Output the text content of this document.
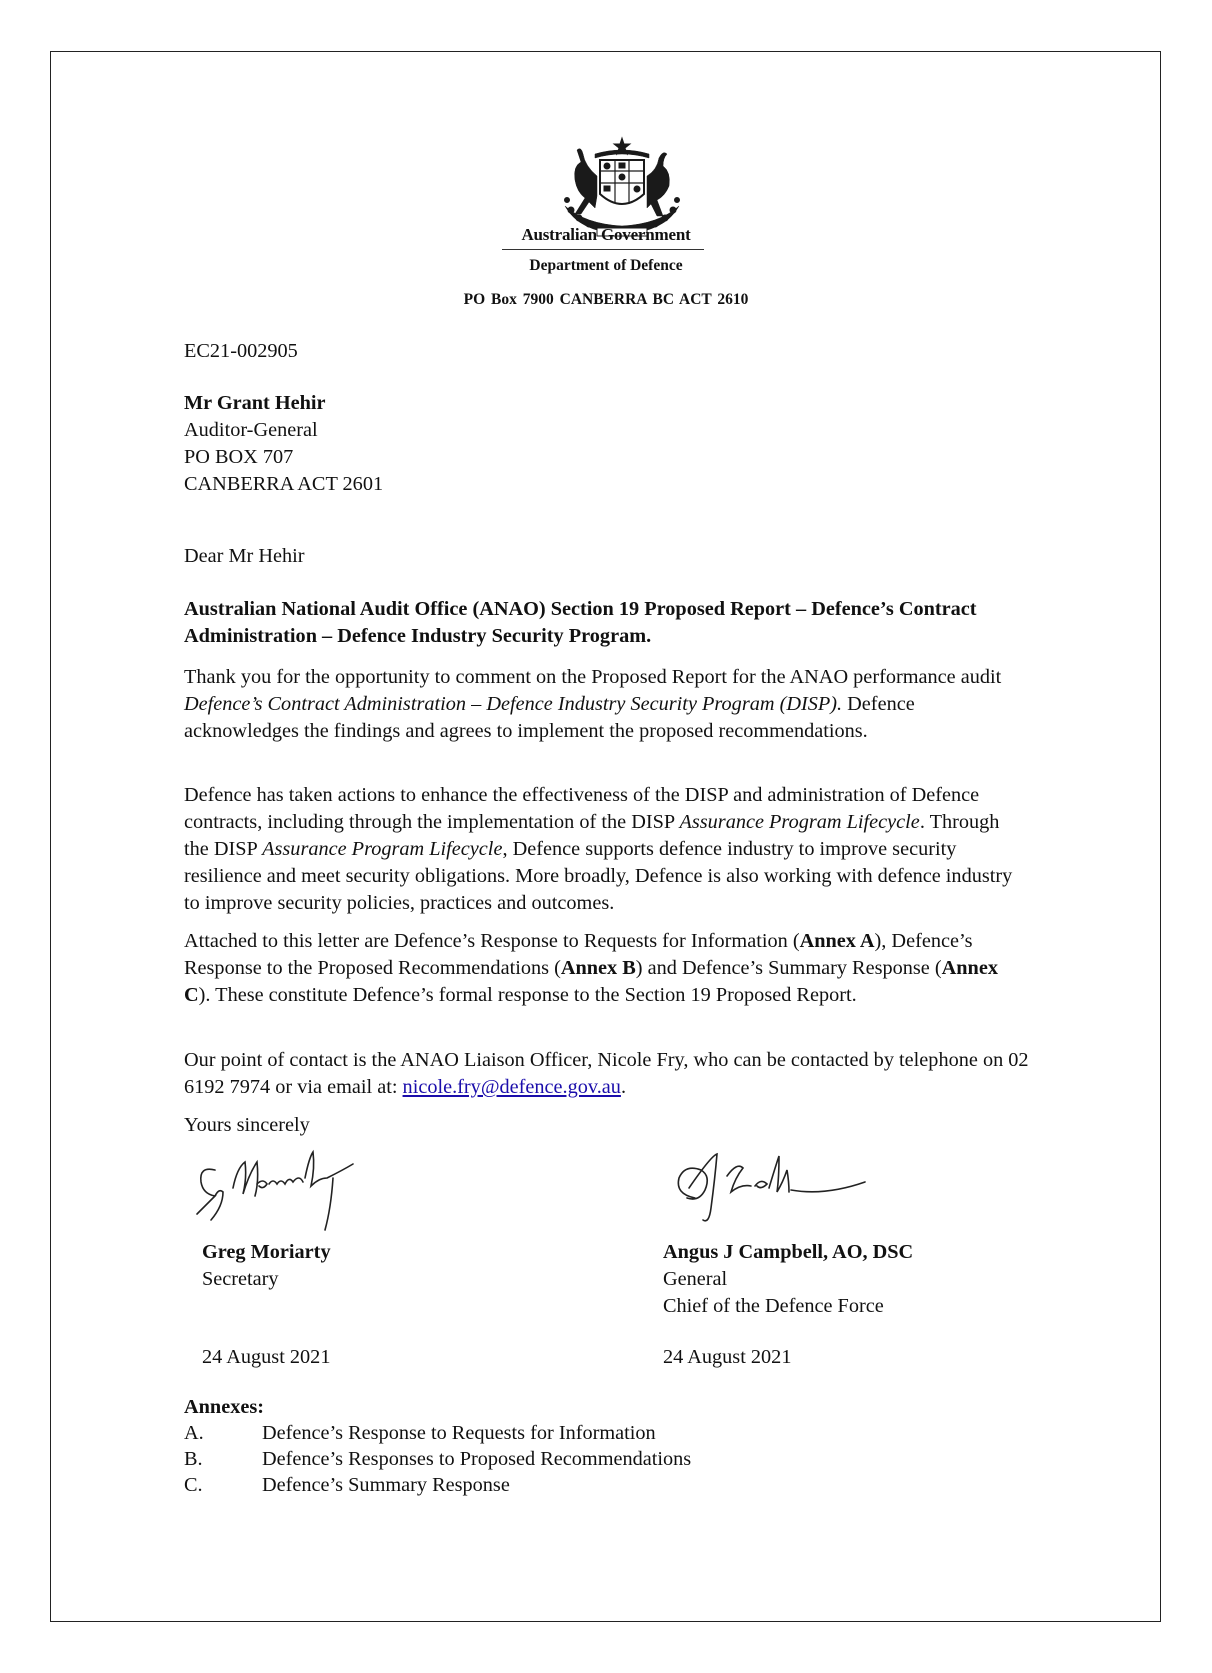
Australian Government
Department of Defence
PO Box 7900 CANBERRA BC ACT 2610
EC21-002905
Mr Grant Hehir
Auditor-General
PO BOX 707
CANBERRA ACT 2601
Dear Mr Hehir
Australian National Audit Office (ANAO) Section 19 Proposed Report – Defence’s Contract Administration – Defence Industry Security Program.
Thank you for the opportunity to comment on the Proposed Report for the ANAO performance audit Defence’s Contract Administration – Defence Industry Security Program (DISP). Defence acknowledges the findings and agrees to implement the proposed recommendations.
Defence has taken actions to enhance the effectiveness of the DISP and administration of Defence contracts, including through the implementation of the DISP Assurance Program Lifecycle. Through the DISP Assurance Program Lifecycle, Defence supports defence industry to improve security resilience and meet security obligations. More broadly, Defence is also working with defence industry to improve security policies, practices and outcomes.
Attached to this letter are Defence’s Response to Requests for Information (Annex A), Defence’s Response to the Proposed Recommendations (Annex B) and Defence’s Summary Response (Annex C). These constitute Defence’s formal response to the Section 19 Proposed Report.
Our point of contact is the ANAO Liaison Officer, Nicole Fry, who can be contacted by telephone on 02 6192 7974 or via email at: nicole.fry@defence.gov.au.
Yours sincerely
Greg Moriarty
Secretary
Angus J Campbell, AO, DSC
General
Chief of the Defence Force
24 August 2021	24 August 2021
Annexes:
A.	Defence’s Response to Requests for Information
B.	Defence’s Responses to Proposed Recommendations
C.	Defence’s Summary Response
